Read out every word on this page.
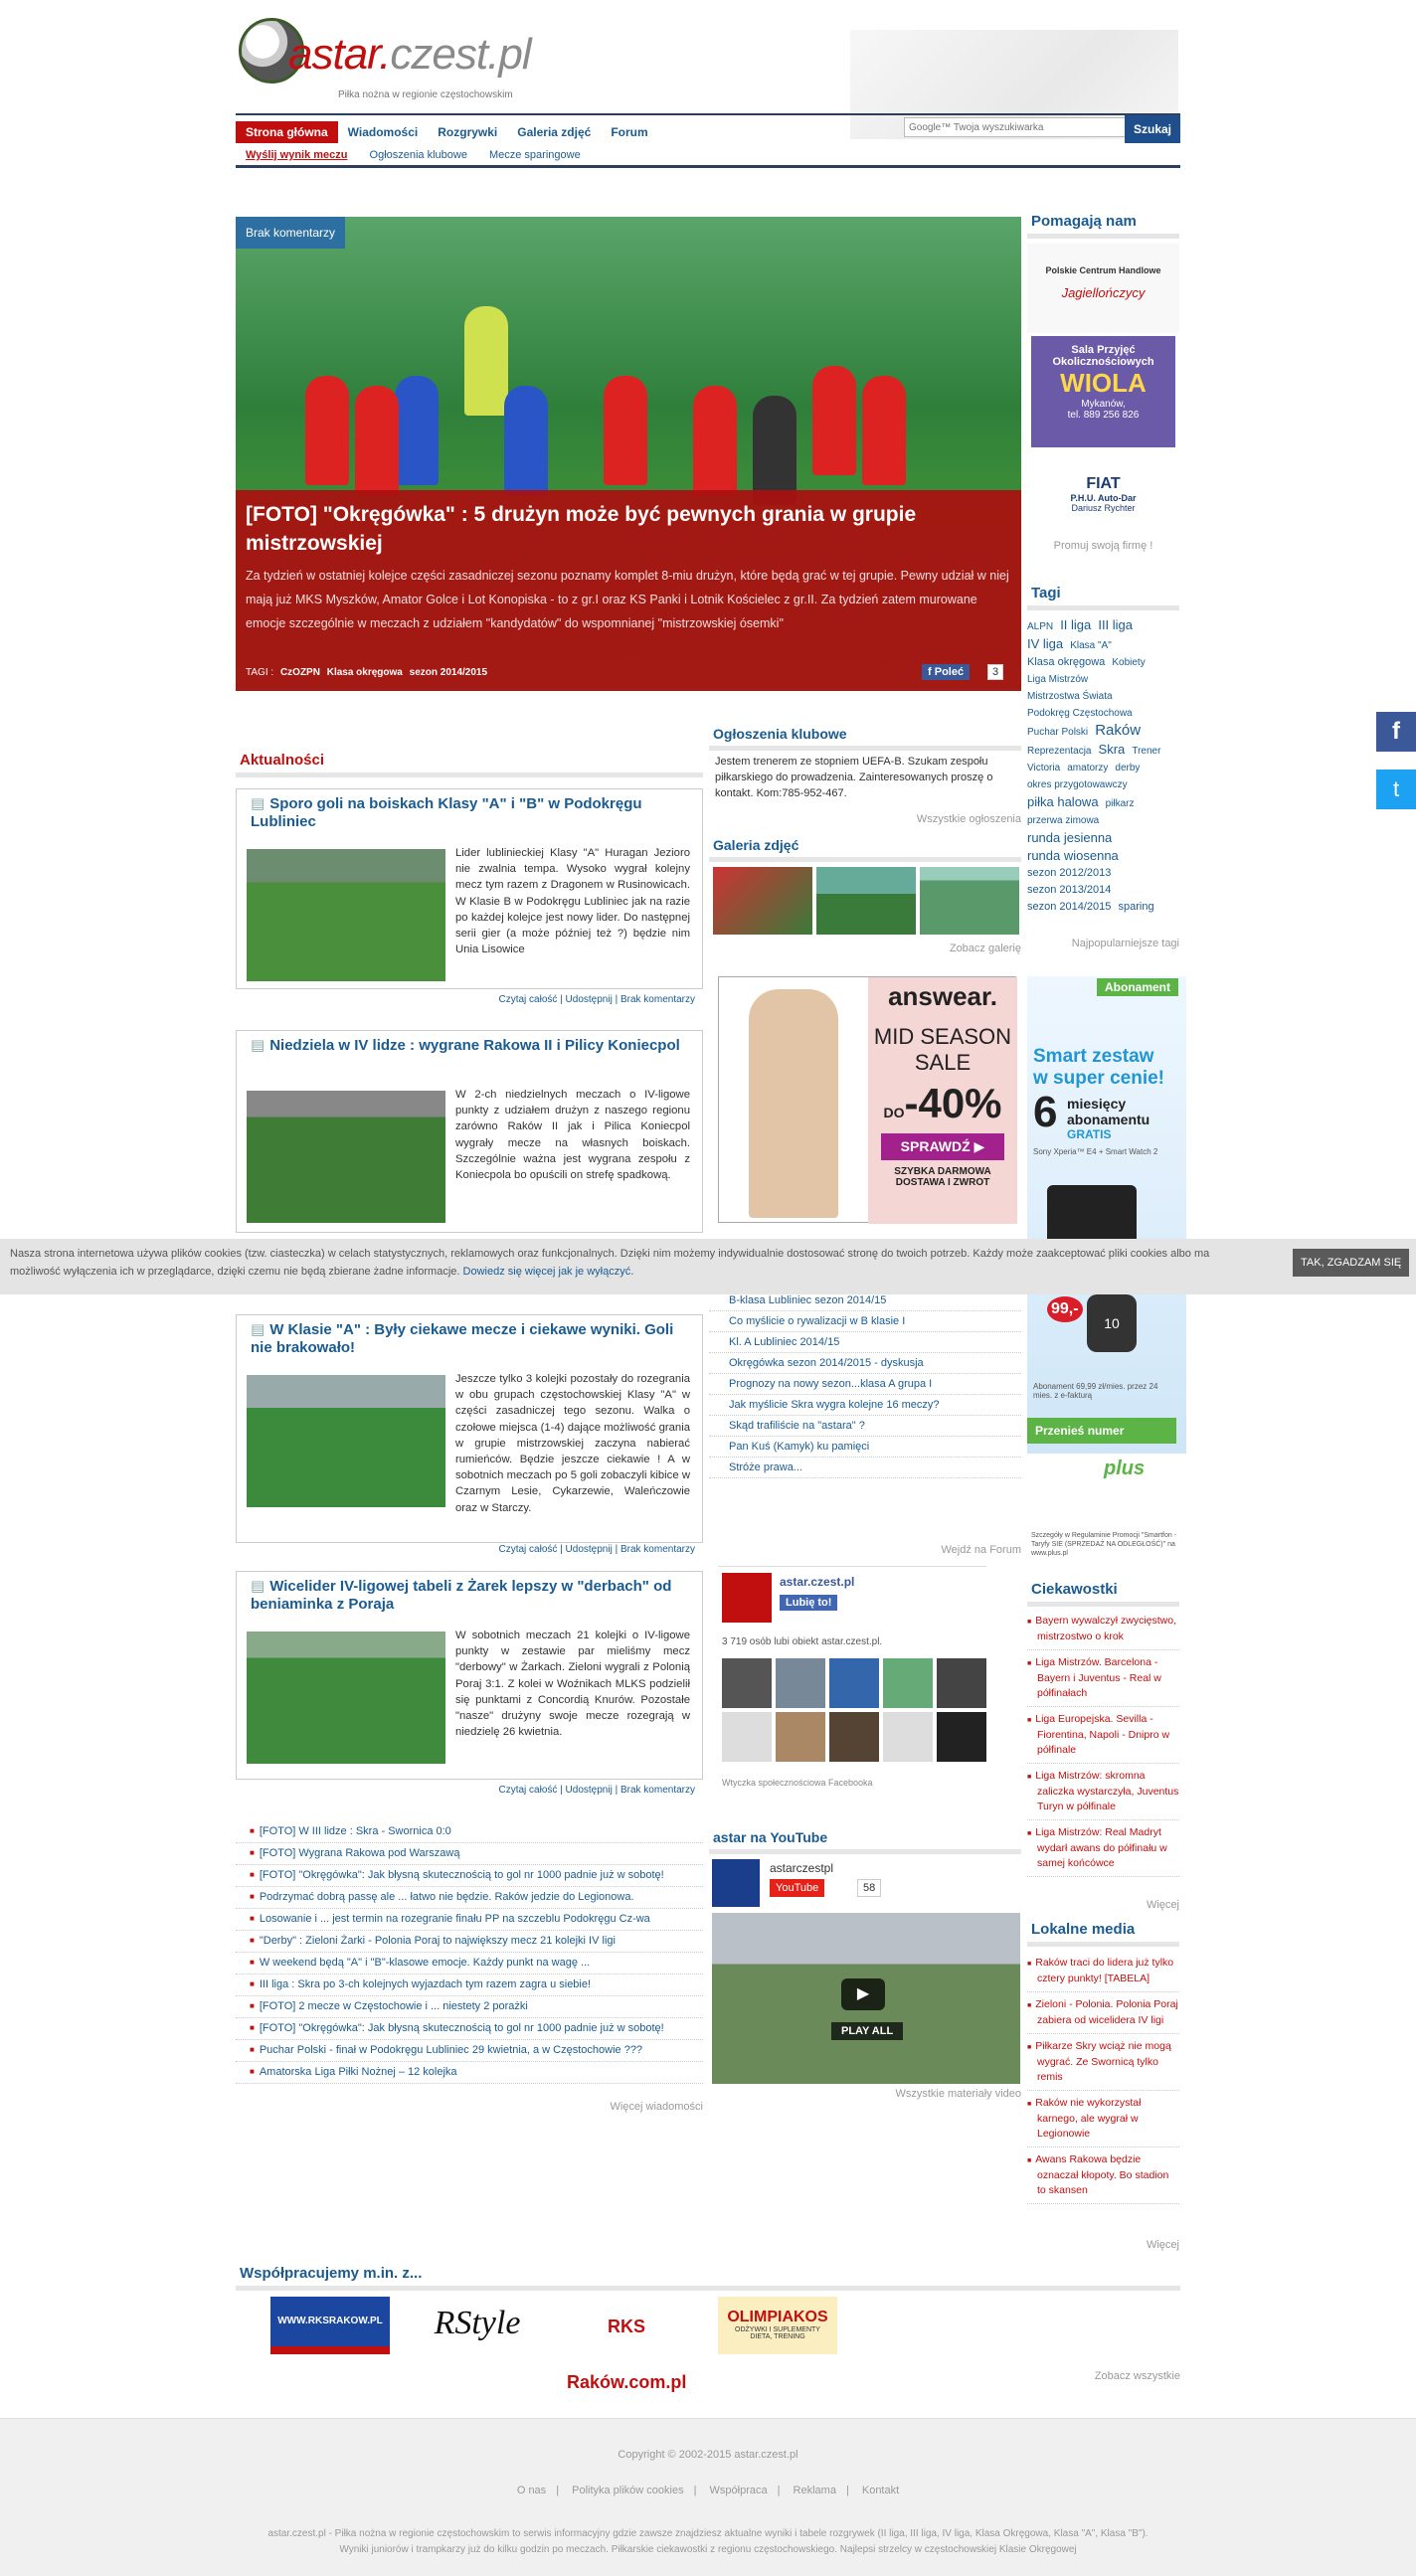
astar.czest.pl
Piłka nożna w regionie częstochowskim
Strona główna	Wiadomości	Rozgrywki	Galeria zdjęć	Forum
Google™ Twoja wyszukiwarka	Szukaj
Wyślij wynik meczu Ogłoszenia klubowe Mecze sparingowe
Brak komentarzy
[FOTO] "Okręgówka" : 5 drużyn może być pewnych grania w grupie mistrzowskiej

Za tydzień w ostatniej kolejce części zasadniczej sezonu poznamy komplet 8-miu drużyn, które będą grać w tej grupie. Pewny udział w niej mają już MKS Myszków, Amator Golce i Lot Konopiska - to z gr.I oraz KS Panki i Lotnik Kościelec z gr.II. Za tydzień zatem murowane emocje szczególnie w meczach z udziałem "kandydatów" do wspomnianej "mistrzowskiej ósemki"

TAGI : CzOZPN Klasa okręgowa sezon 2014/2015	f Poleć	3
Aktualności
▤ Sporo goli na boiskach Klasy "A" i "B" w Podokręgu Lubliniec
Lider lublinieckiej Klasy "A" Huragan Jezioro nie zwalnia tempa. Wysoko wygrał kolejny mecz tym razem z Dragonem w Rusinowicach. W Klasie B w Podokręgu Lubliniec jak na razie po każdej kolejce jest nowy lider. Do następnej serii gier (a może później też ?) będzie nim Unia Lisowice
Czytaj całość | Udostępnij | Brak komentarzy
▤ Niedziela w IV lidze : wygrane Rakowa II i Pilicy Koniecpol
W 2-ch niedzielnych meczach o IV-ligowe punkty z udziałem drużyn z naszego regionu zarówno Raków II jak i Pilica Koniecpol wygrały mecze na własnych boiskach. Szczególnie ważna jest wygrana zespołu z Koniecpola bo opuścili on strefę spadkową.
▤ W Klasie "A" : Były ciekawe mecze i ciekawe wyniki. Goli nie brakowało!
Jeszcze tylko 3 kolejki pozostały do rozegrania w obu grupach częstochowskiej Klasy "A" w części zasadniczej tego sezonu. Walka o czołowe miejsca (1-4) dające możliwość grania w grupie mistrzowskiej zaczyna nabierać rumieńców. Będzie jeszcze ciekawie ! A w sobotnich meczach po 5 goli zobaczyli kibice w Czarnym Lesie, Cykarzewie, Waleńczowie oraz w Starczy.
Czytaj całość | Udostępnij | Brak komentarzy
▤ Wicelider IV-ligowej tabeli z Żarek lepszy w "derbach" od beniaminka z Poraja
W sobotnich meczach 21 kolejki o IV-ligowe punkty w zestawie par mieliśmy mecz "derbowy" w Żarkach. Zieloni wygrali z Polonią Poraj 3:1. Z kolei w Woźnikach MLKS podzielił się punktami z Concordią Knurów. Pozostałe "nasze" drużyny swoje mecze rozegrają w niedzielę 26 kwietnia.
Czytaj całość | Udostępnij | Brak komentarzy
■ [FOTO] W III lidze : Skra - Swornica 0:0
■ [FOTO] Wygrana Rakowa pod Warszawą
■ [FOTO] "Okręgówka": Jak błysną skutecznością to gol nr 1000 padnie już w sobotę!
■ Podrzymać dobrą passę ale ... łatwo nie będzie. Raków jedzie do Legionowa.
■ Losowanie i ... jest termin na rozegranie finału PP na szczeblu Podokręgu Cz-wa
■ "Derby" : Zieloni Żarki - Polonia Poraj to największy mecz 21 kolejki IV ligi
■ W weekend będą "A" i "B"-klasowe emocje. Każdy punkt na wagę ...
■ III liga : Skra po 3-ch kolejnych wyjazdach tym razem zagra u siebie!
■ [FOTO] 2 mecze w Częstochowie i ... niestety 2 porażki
■ [FOTO] "Okręgówka": Jak błysną skutecznością to gol nr 1000 padnie już w sobotę!
■ Puchar Polski - finał w Podokręgu Lubliniec 29 kwietnia, a w Częstochowie ???
■ Amatorska Liga Piłki Nożnej – 12 kolejka
Więcej wiadomości
Ogłoszenia klubowe
Jestem trenerem ze stopniem UEFA-B. Szukam zespołu piłkarskiego do prowadzenia. Zainteresowanych proszę o kontakt. Kom:785-952-467.
Wszystkie ogłoszenia
Galeria zdjęć
Zobacz galerię
answear.
MID SEASON
SALE
DO-40%
SPRAWDŹ ▶
SZYBKA DARMOWA DOSTAWA I ZWROT
B-klasa Lubliniec sezon 2014/15
Co myślicie o rywalizacji w B klasie I
Kl. A Lubliniec 2014/15
Okręgówka sezon 2014/2015 - dyskusja
Prognozy na nowy sezon...klasa A grupa I
Jak myślicie Skra wygra kolejne 16 meczy?
Skąd trafiliście na "astara" ?
Pan Kuś (Kamyk) ku pamięci
Stróże prawa...
Wejdź na Forum
astar.czest.pl
Lubię to!
3 719 osób lubi obiekt astar.czest.pl.
Wtyczka społecznościowa Facebooka
astar na YouTube
astarczestpl
YouTube	58
▶
PLAY ALL
Wszystkie materiały video
Pomagają nam
Polskie Centrum Handlowe
Jagiellończycy
Sala Przyjęć
Okolicznościowych
WIOLA
Mykanów,
tel. 889 256 826
FIAT
P.H.U. Auto-Dar
Dariusz Rychter
Promuj swoją firmę !
Tagi
ALPN II liga III liga IV liga Klasa "A" Klasa okręgowa Kobiety Liga Mistrzów Mistrzostwa Świata Podokręg Częstochowa Puchar Polski Raków Reprezentacja Skra Trener Victoria amatorzy derby okres przygotowawczy piłka halowa piłkarz przerwa zimowa runda jesienna runda wiosenna sezon 2012/2013 sezon 2013/2014 sezon 2014/2015 sparing
Najpopularniejsze tagi
Abonament
Smart zestaw
w super cenie!
6 miesięcy
abonamentu
GRATIS
Sony Xperia™ E4 + Smart Watch 2
10
99,-
Abonament 69,99 zł/mies. przez 24 mies. z e-fakturą
Przenieś numer
plus
Szczegóły w Regulaminie Promocji "Smartfon - Taryfy SIE (SPRZEDAŻ NA ODLEGŁOŚĆ)" na www.plus.pl
Ciekawostki
■ Bayern wywalczył zwycięstwo, mistrzostwo o krok
■ Liga Mistrzów. Barcelona - Bayern i Juventus - Real w półfinałach
■ Liga Europejska. Sevilla - Fiorentina, Napoli - Dnipro w półfinale
■ Liga Mistrzów: skromna zaliczka wystarczyła, Juventus Turyn w półfinale
■ Liga Mistrzów: Real Madryt wydarł awans do półfinału w samej końcówce
Więcej
Lokalne media
■ Raków traci do lidera już tylko cztery punkty! [TABELA]
■ Zieloni - Polonia. Polonia Poraj zabiera od wicelidera IV ligi
■ Piłkarze Skry wciąż nie mogą wygrać. Ze Swornicą tylko remis
■ Raków nie wykorzystał karnego, ale wygrał w Legionowie
■ Awans Rakowa będzie oznaczał kłopoty. Bo stadion to skansen
Więcej
Współpracujemy m.in. z...
WWW.RKSRAKOW.PL	RStyle	RKS Raków.com.pl
OLIMPIAKOS
ODŻYWKI I SUPLEMENTY
DIETA, TRENING
Zobacz wszystkie
Nasza strona internetowa używa plików cookies (tzw. ciasteczka) w celach statystycznych, reklamowych oraz funkcjonalnych. Dzięki nim możemy indywidualnie dostosować stronę do twoich potrzeb. Każdy może zaakceptować pliki cookies albo ma możliwość wyłączenia ich w przeglądarce, dzięki czemu nie będą zbierane żadne informacje. Dowiedz się więcej jak je wyłączyć.
TAK, ZGADZAM SIĘ
f
t
Copyright © 2002-2015 astar.czest.pl
O nas | Polityka plików cookies | Współpraca | Reklama | Kontakt
astar.czest.pl - Piłka nożna w regionie częstochowskim to serwis informacyjny gdzie zawsze znajdziesz aktualne wyniki i tabele rozgrywek (II liga, III liga, IV liga, Klasa Okręgowa, Klasa "A", Klasa "B").
Wyniki juniorów i trampkarzy już do kilku godzin po meczach. Piłkarskie ciekawostki z regionu częstochowskiego. Najlepsi strzelcy w częstochowskiej Klasie Okręgowej
